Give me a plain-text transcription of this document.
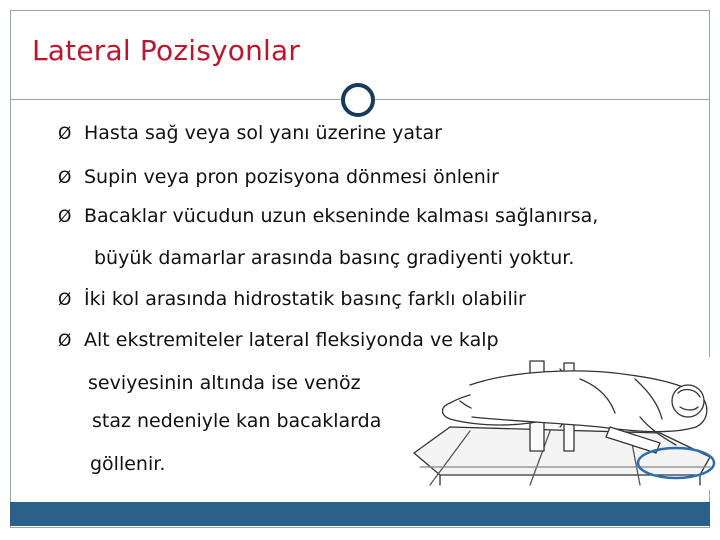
Lateral Pozisyonlar
Ø Hasta sağ veya sol yanı üzerine yatar
Ø Supin veya pron pozisyona dönmesi önlenir
Ø Bacaklar vücudun uzun ekseninde kalması sağlanırsa,
büyük damarlar arasında basınç gradiyenti yoktur.
Ø İki kol arasında hidrostatik basınç farklı olabilir
Ø Alt ekstremiteler lateral fleksiyonda ve kalp
seviyesinin altında ise venöz
staz nedeniyle kan bacaklarda
göllenir.
